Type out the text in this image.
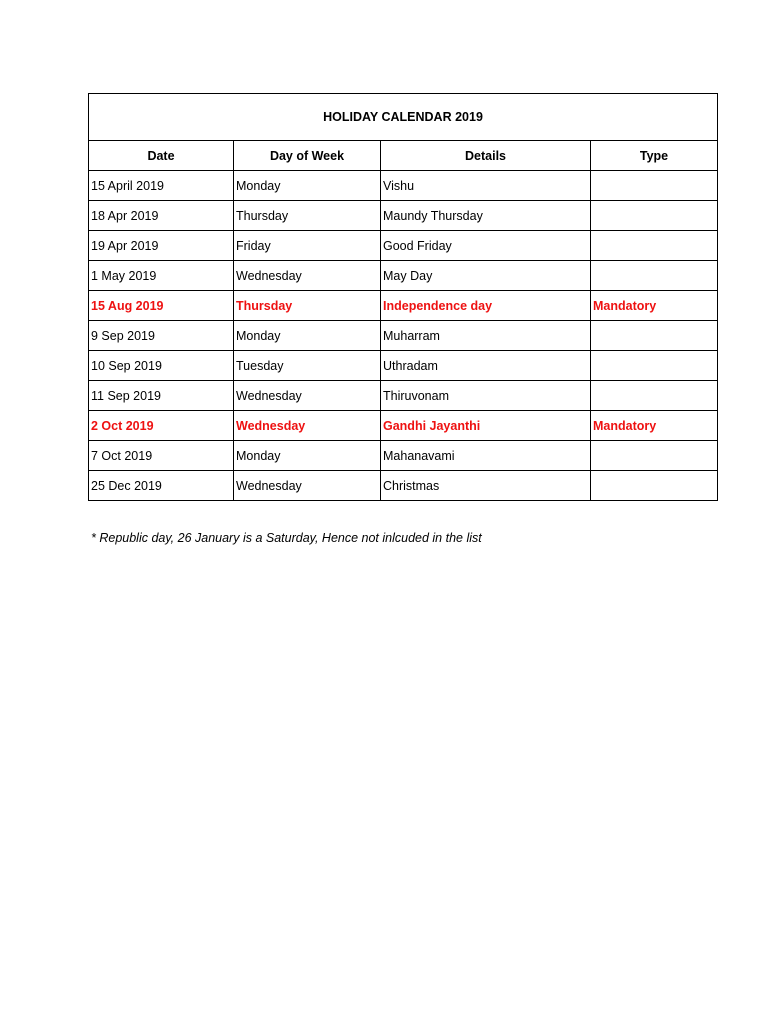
HOLIDAY CALENDAR 2019			
Date	Day of Week	Details	Type
15 April 2019	Monday	Vishu	
18 Apr 2019	Thursday	Maundy Thursday	
19 Apr 2019	Friday	Good Friday	
1 May 2019	Wednesday	May Day	
15 Aug 2019	Thursday	Independence day	Mandatory
9 Sep 2019	Monday	Muharram	
10 Sep 2019	Tuesday	Uthradam	
11 Sep 2019	Wednesday	Thiruvonam	
2 Oct 2019	Wednesday	Gandhi Jayanthi	Mandatory
7 Oct 2019	Monday	Mahanavami	
25 Dec 2019	Wednesday	Christmas	
* Republic day, 26 January is a Saturday, Hence not inlcuded in the list
